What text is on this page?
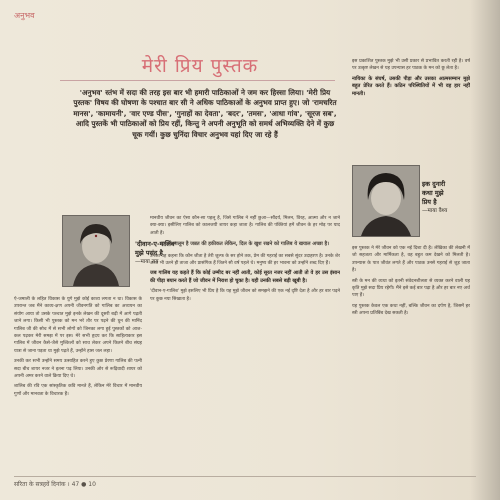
अनुभव
मेरी प्रिय पुस्तक
'अनुभव' स्तंभ में सदा की तरह इस बार भी हमारी पाठिकाओं ने जम कर हिस्सा लिया। 'मेरी प्रिय पुस्तक' विषय की घोषणा के पश्चात बार सी ने अधिक पाठिकाओं के अनुभव प्राप्त हुए। जो 'रामचरित मानस', 'कामायनी', 'वार एण्ड पीस', 'गुनाहों का देवता', 'बदर', 'तमस', 'आधा गांव', 'सूरज सब', आदि पुस्तकें भी पाठिकाओं को प्रिय रहीं, किन्तु ने अपनी अनुभूति को समर्थ अभिव्यक्ति देने में कुछ चूक गयीं। कुछ चुनिंदा विचार अनुभव यहां दिए जा रहे हैं
'दीवान-ए-गालिब'
मुझे पसंद है
—माया राय
इक दुनारी
कथा मुझे
प्रिय है
—माया वैश्य

ऐ-जमाली के लहित विकास के युगे मुझे कोई काव्य लगता न था। विकास के उपरान्त जब मैंने काव्य-क्षण अपनी जीवनगति को गालिब का अध्ययन का संयोग आया तो उसके पश्चात मुझे इनके लेखन की दूसरी बढ़ी में आगे पढ़ती जाने लगा। किसी भी पुस्तक को मन भरे तौर पर पढ़ने की धुन की मानिंद गालिब जी की सोच में से सभी लोगों को जिनका लगा हुई पुस्तकों को आज-कल पढ़कर मेरी समझ में पर इस। मेरे सभी हृदय कर कि साहित्यकार इस गालिब में जीवन कैसे-जैसे मुश्किलों को साथ लेकर अपने कितने बीच संग्रह यात्रा से जाना पड़ता था मुझे पढ़ते हैं, उन्होंने हास जल लहा।

उनकी कर सभी उन्होंने समय उत्साहित करने हुए कुछ प्रेरणा गालिब की पत्नी सदा बीच शायर नजर ने इतना पढ़ लिया। उनकी ओर से रूढ़िवादी शायर को अपनी अमर करने वाले क्रिया दिए थे।

शालिब की रवि एक सांस्कृतिक कवि मानते हैं, लेकिन मेरे विचार में मानवीय गुणों और मानवता के विचारक हैं।

मानवीय जीवन का ऐसा कौन-सा पहलू है, जिसे गालिब ने नहीं छुआ—सौंदर्य, मिलन, विरह, आत्मा और न जाने क्या-क्या। इसीलिए गालिब को कालजयी शायर कहा जाता है। गालिब की पंक्तियां हमें जीवन के हर मोड़ पर याद आती हैं।

हमको मालूम है जन्नत की हकीकत लेकिन, दिल के खुश रखने को गालिब ये खयाल अच्छा है।

उनका यह कहना कि कौन जीता है तेरी जुल्फ के सर होने तक, प्रेम की गहराई का सबसे सुंदर उदाहरण है। उनके शेर आज भी उतने ही ताजा और प्रासंगिक हैं जितने सौ वर्ष पहले थे। मनुष्य की हर भावना को उन्होंने शब्द दिए हैं।

जब गालिब यह कहते हैं कि कोई उम्मीद बर नहीं आती, कोई सूरत नजर नहीं आती तो वे हर उस इंसान की पीड़ा बयान करते हैं जो जीवन में निराश हो चुका है। यही उनकी सबसे बड़ी खूबी है।

'दीवान-ए-गालिब' मुझे इसलिए भी प्रिय है कि यह मुझे जीवन को समझने की एक नई दृष्टि देता है और हर बार पढ़ने पर कुछ नया सिखाता है।

इस प्रकाशित पुस्तक मुझे भी उसी प्रकार से प्रभावित करती रही है। वर्ष पर उत्कृष्ट लेखन से यह उपन्यास हर पाठक के मन को छू लेता है।

नायिका के संघर्ष, उसकी पीड़ा और उसका आत्मसम्मान मुझे बहुत प्रेरित करते हैं। कठिन परिस्थितियों में भी वह हार नहीं मानती।

इस पुस्तक ने मेरे जीवन को एक नई दिशा दी है। लेखिका की लेखनी में जो सहजता और मार्मिकता है, वह बहुत कम देखने को मिलती है। उपन्यास के पात्र जीवंत लगते हैं और पाठक उनसे गहराई से जुड़ जाता है।

स्त्री के मन की व्यथा को इतनी संवेदनशीलता से व्यक्त करने वाली यह कृति मुझे सदा प्रिय रहेगी। मैंने इसे कई बार पढ़ा है और हर बार नए अर्थ पाए हैं।

यह पुस्तक केवल एक कथा नहीं, बल्कि जीवन का दर्पण है, जिसमें हर स्त्री अपना प्रतिबिंब देख सकती है।

सरिता के सत्रहवें दिनांक । 47 ● 10
